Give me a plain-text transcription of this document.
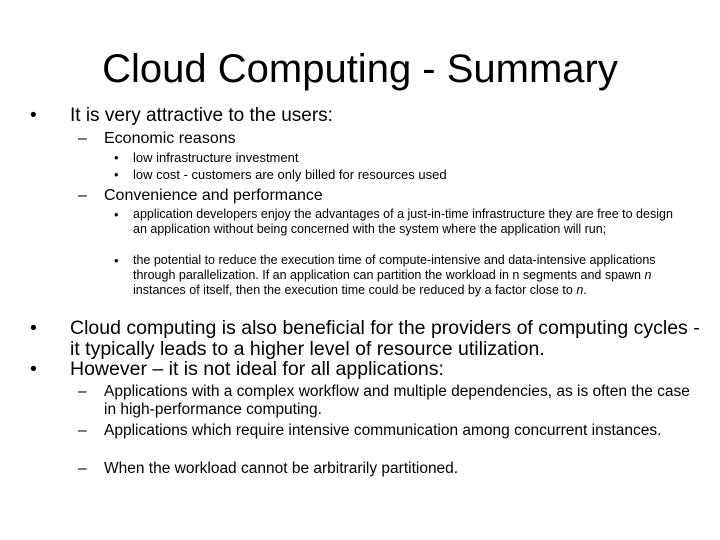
Cloud Computing - Summary
• It is very attractive to the users:
– Economic reasons
• low infrastructure investment
• low cost - customers are only billed for resources used
– Convenience and performance
• application developers enjoy the advantages of a just-in-time infrastructure they are free to design an application without being concerned with the system where the application will run;
• the potential to reduce the execution time of compute-intensive and data-intensive applications through parallelization. If an application can partition the workload in n segments and spawn n instances of itself, then the execution time could be reduced by a factor close to n.
• Cloud computing is also beneficial for the providers of computing cycles - it typically leads to a higher level of resource utilization.
• However – it is not ideal for all applications:
– Applications with a complex workflow and multiple dependencies, as is often the case in high-performance computing.
– Applications which require intensive communication among concurrent instances.
– When the workload cannot be arbitrarily partitioned.
